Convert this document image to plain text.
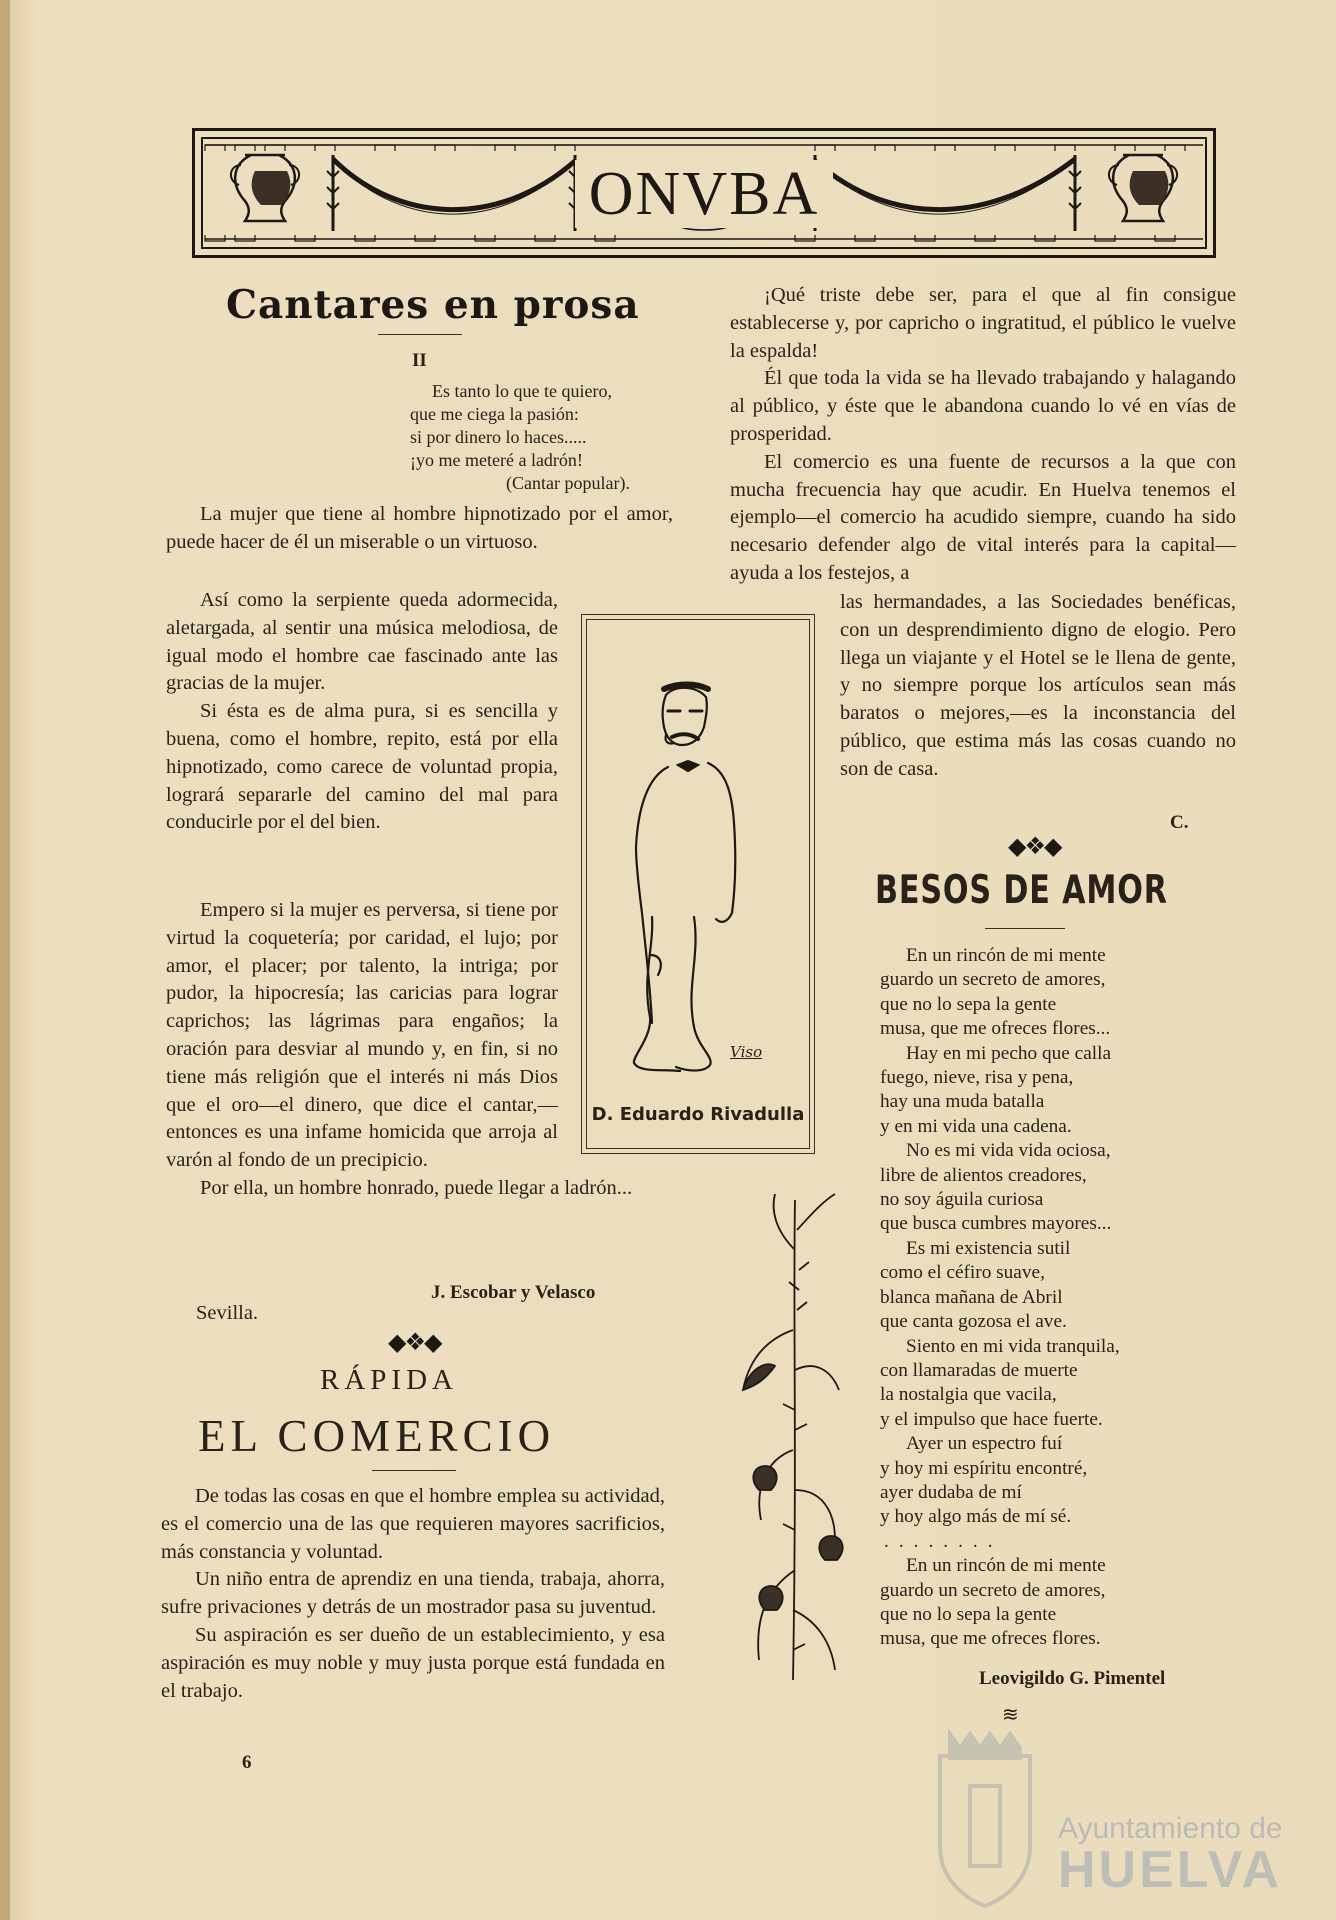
ONVBA
Cantares en prosa
II
Es tanto lo que te quiero,
que me ciega la pasión:
si por dinero lo haces.....
¡yo me meteré a ladrón!
(Cantar popular).

La mujer que tiene al hombre hipnotizado por el amor, puede hacer de él un miserable o un virtuoso.

Así como la serpiente queda adormecida, aletargada, al sentir una música melodiosa, de igual modo el hombre cae fascinado ante las gracias de la mujer.

Si ésta es de alma pura, si es sencilla y buena, como el hombre, repito, está por ella hipnotizado, como carece de voluntad propia, logrará separarle del camino del mal para conducirle por el del bien.

Empero si la mujer es perversa, si tiene por virtud la coquetería; por caridad, el lujo; por amor, el placer; por talento, la intriga; por pudor, la hipocresía; las caricias para lograr caprichos; las lágrimas para engaños; la oración para desviar al mundo y, en fin, si no tiene más religión que el interés ni más Dios que el oro—el dinero, que dice el cantar,—entonces es una infame homicida que arroja al varón al fondo de un precipicio.

Por ella, un hombre honrado, puede llegar a ladrón...

J. Escobar y Velasco

Sevilla.

Viso
D. Eduardo Rivadulla
◆❖◆
RÁPIDA
EL COMERCIO

De todas las cosas en que el hombre emplea su actividad, es el comercio una de las que requieren mayores sacrificios, más constancia y voluntad.

Un niño entra de aprendiz en una tienda, trabaja, ahorra, sufre privaciones y detrás de un mostrador pasa su juventud.

Su aspiración es ser dueño de un establecimiento, y esa aspiración es muy noble y muy justa porque está fundada en el trabajo.

¡Qué triste debe ser, para el que al fin consigue establecerse y, por capricho o ingratitud, el público le vuelve la espalda!

Él que toda la vida se ha llevado trabajando y halagando al público, y éste que le abandona cuando lo vé en vías de prosperidad.

El comercio es una fuente de recursos a la que con mucha frecuencia hay que acudir. En Huelva tenemos el ejemplo—el comercio ha acudido siempre, cuando ha sido necesario defender algo de vital interés para la capital—ayuda a los festejos, a

las hermandades, a las Sociedades benéficas, con un desprendimiento digno de elogio. Pero llega un viajante y el Hotel se le llena de gente, y no siempre porque los artículos sean más baratos o mejores,—es la inconstancia del público, que estima más las cosas cuando no son de casa.

C.
◆❖◆
BESOS DE AMOR
En un rincón de mi mente
guardo un secreto de amores,
que no lo sepa la gente
musa, que me ofreces flores...
Hay en mi pecho que calla
fuego, nieve, risa y pena,
hay una muda batalla
y en mi vida una cadena.
No es mi vida vida ociosa,
libre de alientos creadores,
no soy águila curiosa
que busca cumbres mayores...
Es mi existencia sutil
como el céfiro suave,
blanca mañana de Abril
que canta gozosa el ave.
Siento en mi vida tranquila,
con llamaradas de muerte
la nostalgia que vacila,
y el impulso que hace fuerte.
Ayer un espectro fuí
y hoy mi espíritu encontré,
ayer dudaba de mí
y hoy algo más de mí sé.
........
En un rincón de mi mente
guardo un secreto de amores,
que no lo sepa la gente
musa, que me ofreces flores.
Leovigildo G. Pimentel
≋
6
Ayuntamiento de
HUELVA
